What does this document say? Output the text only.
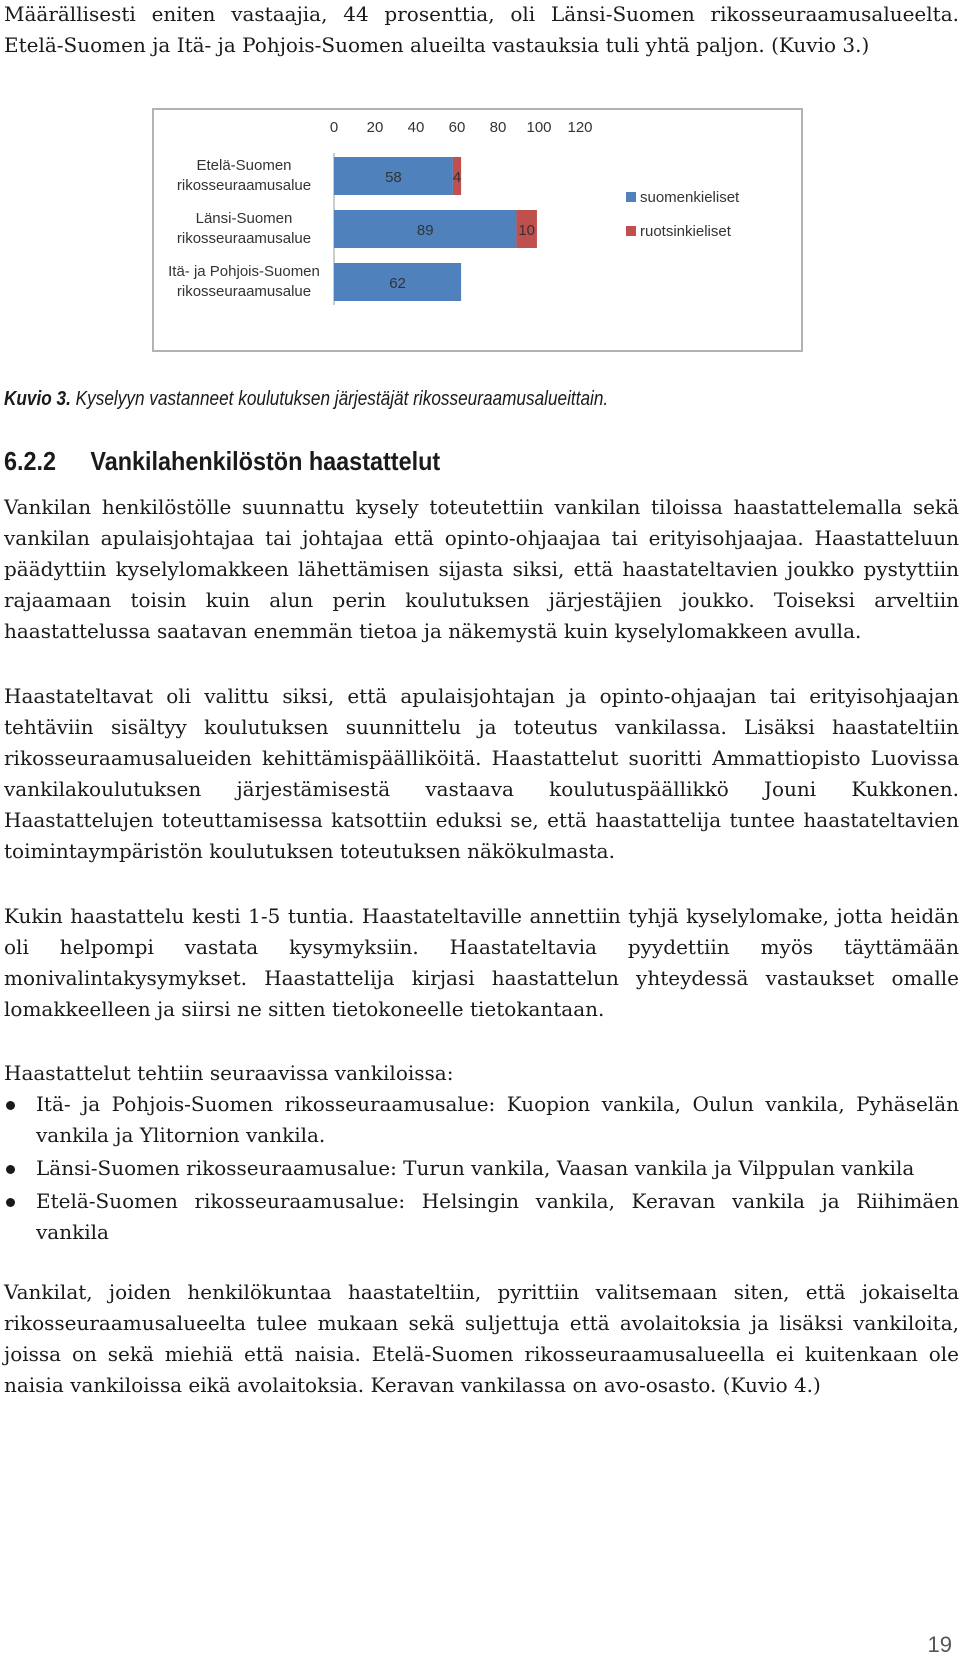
Määrällisesti eniten vastaajia, 44 prosenttia, oli Länsi-Suomen rikosseuraamusalueelta. Etelä-Suomen ja Itä- ja Pohjois-Suomen alueilta vastauksia tuli yhtä paljon. (Kuvio 3.)

0 20 40 60 80 100 120
58	4
Etelä-Suomen
rikosseuraamusalue
89	10
Länsi-Suomen
rikosseuraamusalue
62
Itä- ja Pohjois-Suomen
rikosseuraamusalue
suomenkieliset
ruotsinkieliset

Kuvio 3. Kyselyyn vastanneet koulutuksen järjestäjät rikosseuraamusalueittain.

6.2.2 Vankilahenkilöstön haastattelut

Vankilan henkilöstölle suunnattu kysely toteutettiin vankilan tiloissa haastattelemalla sekä vankilan apulaisjohtajaa tai johtajaa että opinto-ohjaajaa tai erityisohjaajaa. Haastatteluun päädyttiin kyselylomakkeen lähettämisen sijasta siksi, että haastateltavien joukko pystyttiin rajaamaan toisin kuin alun perin koulutuksen järjestäjien joukko. Toiseksi arveltiin haastattelussa saatavan enemmän tietoa ja näkemystä kuin kyselylomakkeen avulla.

Haastateltavat oli valittu siksi, että apulaisjohtajan ja opinto-ohjaajan tai erityisohjaajan tehtäviin sisältyy koulutuksen suunnittelu ja toteutus vankilassa. Lisäksi haastateltiin rikosseuraamusalueiden kehittämispäälliköitä. Haastattelut suoritti Ammattiopisto Luovissa vankilakoulutuksen järjestämisestä vastaava koulutuspäällikkö Jouni Kukkonen. Haastattelujen toteuttamisessa katsottiin eduksi se, että haastattelija tuntee haastateltavien toimintaympäristön koulutuksen toteutuksen näkökulmasta.

Kukin haastattelu kesti 1-5 tuntia. Haastateltaville annettiin tyhjä kyselylomake, jotta heidän oli helpompi vastata kysymyksiin. Haastateltavia pyydettiin myös täyttämään monivalintakysymykset. Haastattelija kirjasi haastattelun yhteydessä vastaukset omalle lomakkeelleen ja siirsi ne sitten tietokoneelle tietokantaan.

Haastattelut tehtiin seuraavissa vankiloissa:

Itä- ja Pohjois-Suomen rikosseuraamusalue: Kuopion vankila, Oulun vankila, Pyhäselän vankila ja Ylitornion vankila.
Länsi-Suomen rikosseuraamusalue: Turun vankila, Vaasan vankila ja Vilppulan vankila
Etelä-Suomen rikosseuraamusalue: Helsingin vankila, Keravan vankila ja Riihimäen vankila

Vankilat, joiden henkilökuntaa haastateltiin, pyrittiin valitsemaan siten, että jokaiselta rikosseuraamusalueelta tulee mukaan sekä suljettuja että avolaitoksia ja lisäksi vankiloita, joissa on sekä miehiä että naisia. Etelä-Suomen rikosseuraamusalueella ei kuitenkaan ole naisia vankiloissa eikä avolaitoksia. Keravan vankilassa on avo-osasto. (Kuvio 4.)

19
